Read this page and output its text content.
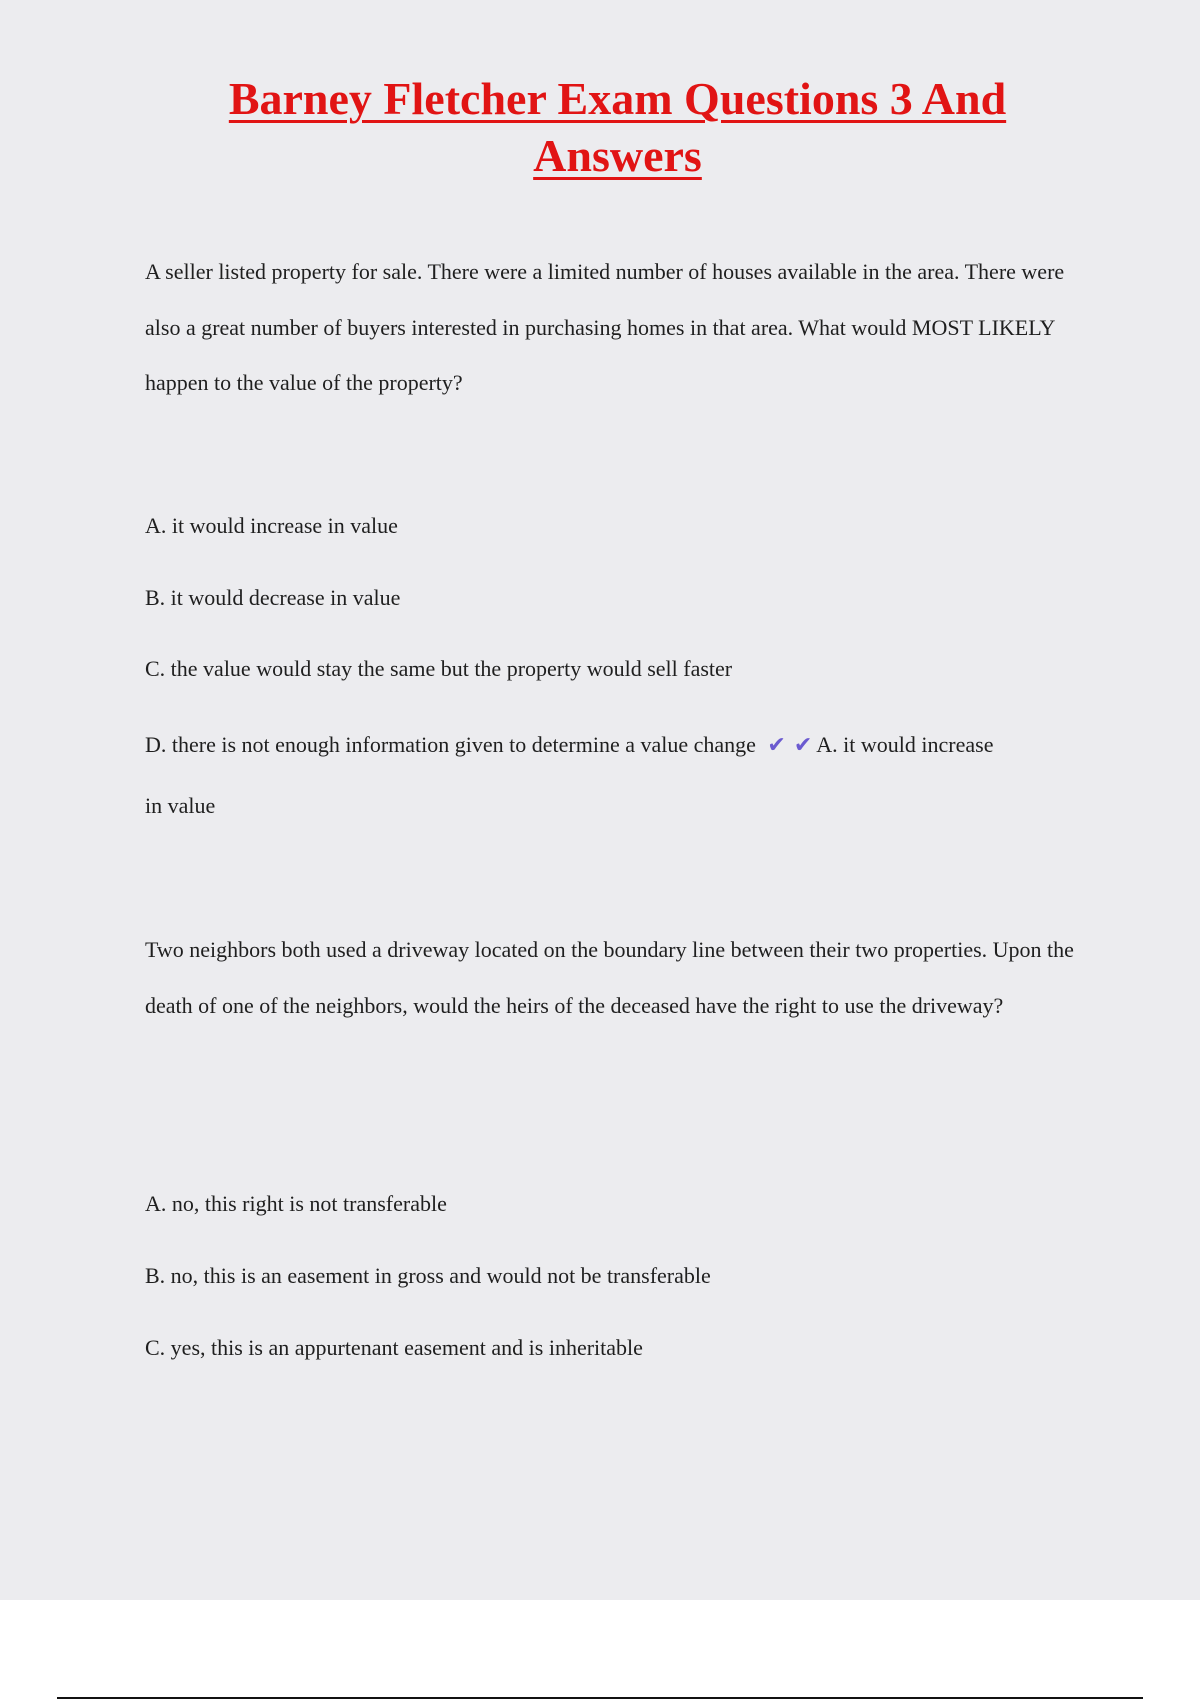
Barney Fletcher Exam Questions 3 And
Answers

A seller listed property for sale. There were a limited number of houses available in the area. There were also a great number of buyers interested in purchasing homes in that area. What would MOST LIKELY happen to the value of the property?

A. it would increase in value

B. it would decrease in value

C. the value would stay the same but the property would sell faster

D. there is not enough information given to determine a value change ✔ ✔ A. it would increase

in value

Two neighbors both used a driveway located on the boundary line between their two properties. Upon the death of one of the neighbors, would the heirs of the deceased have the right to use the driveway?

A. no, this right is not transferable

B. no, this is an easement in gross and would not be transferable

C. yes, this is an appurtenant easement and is inheritable
